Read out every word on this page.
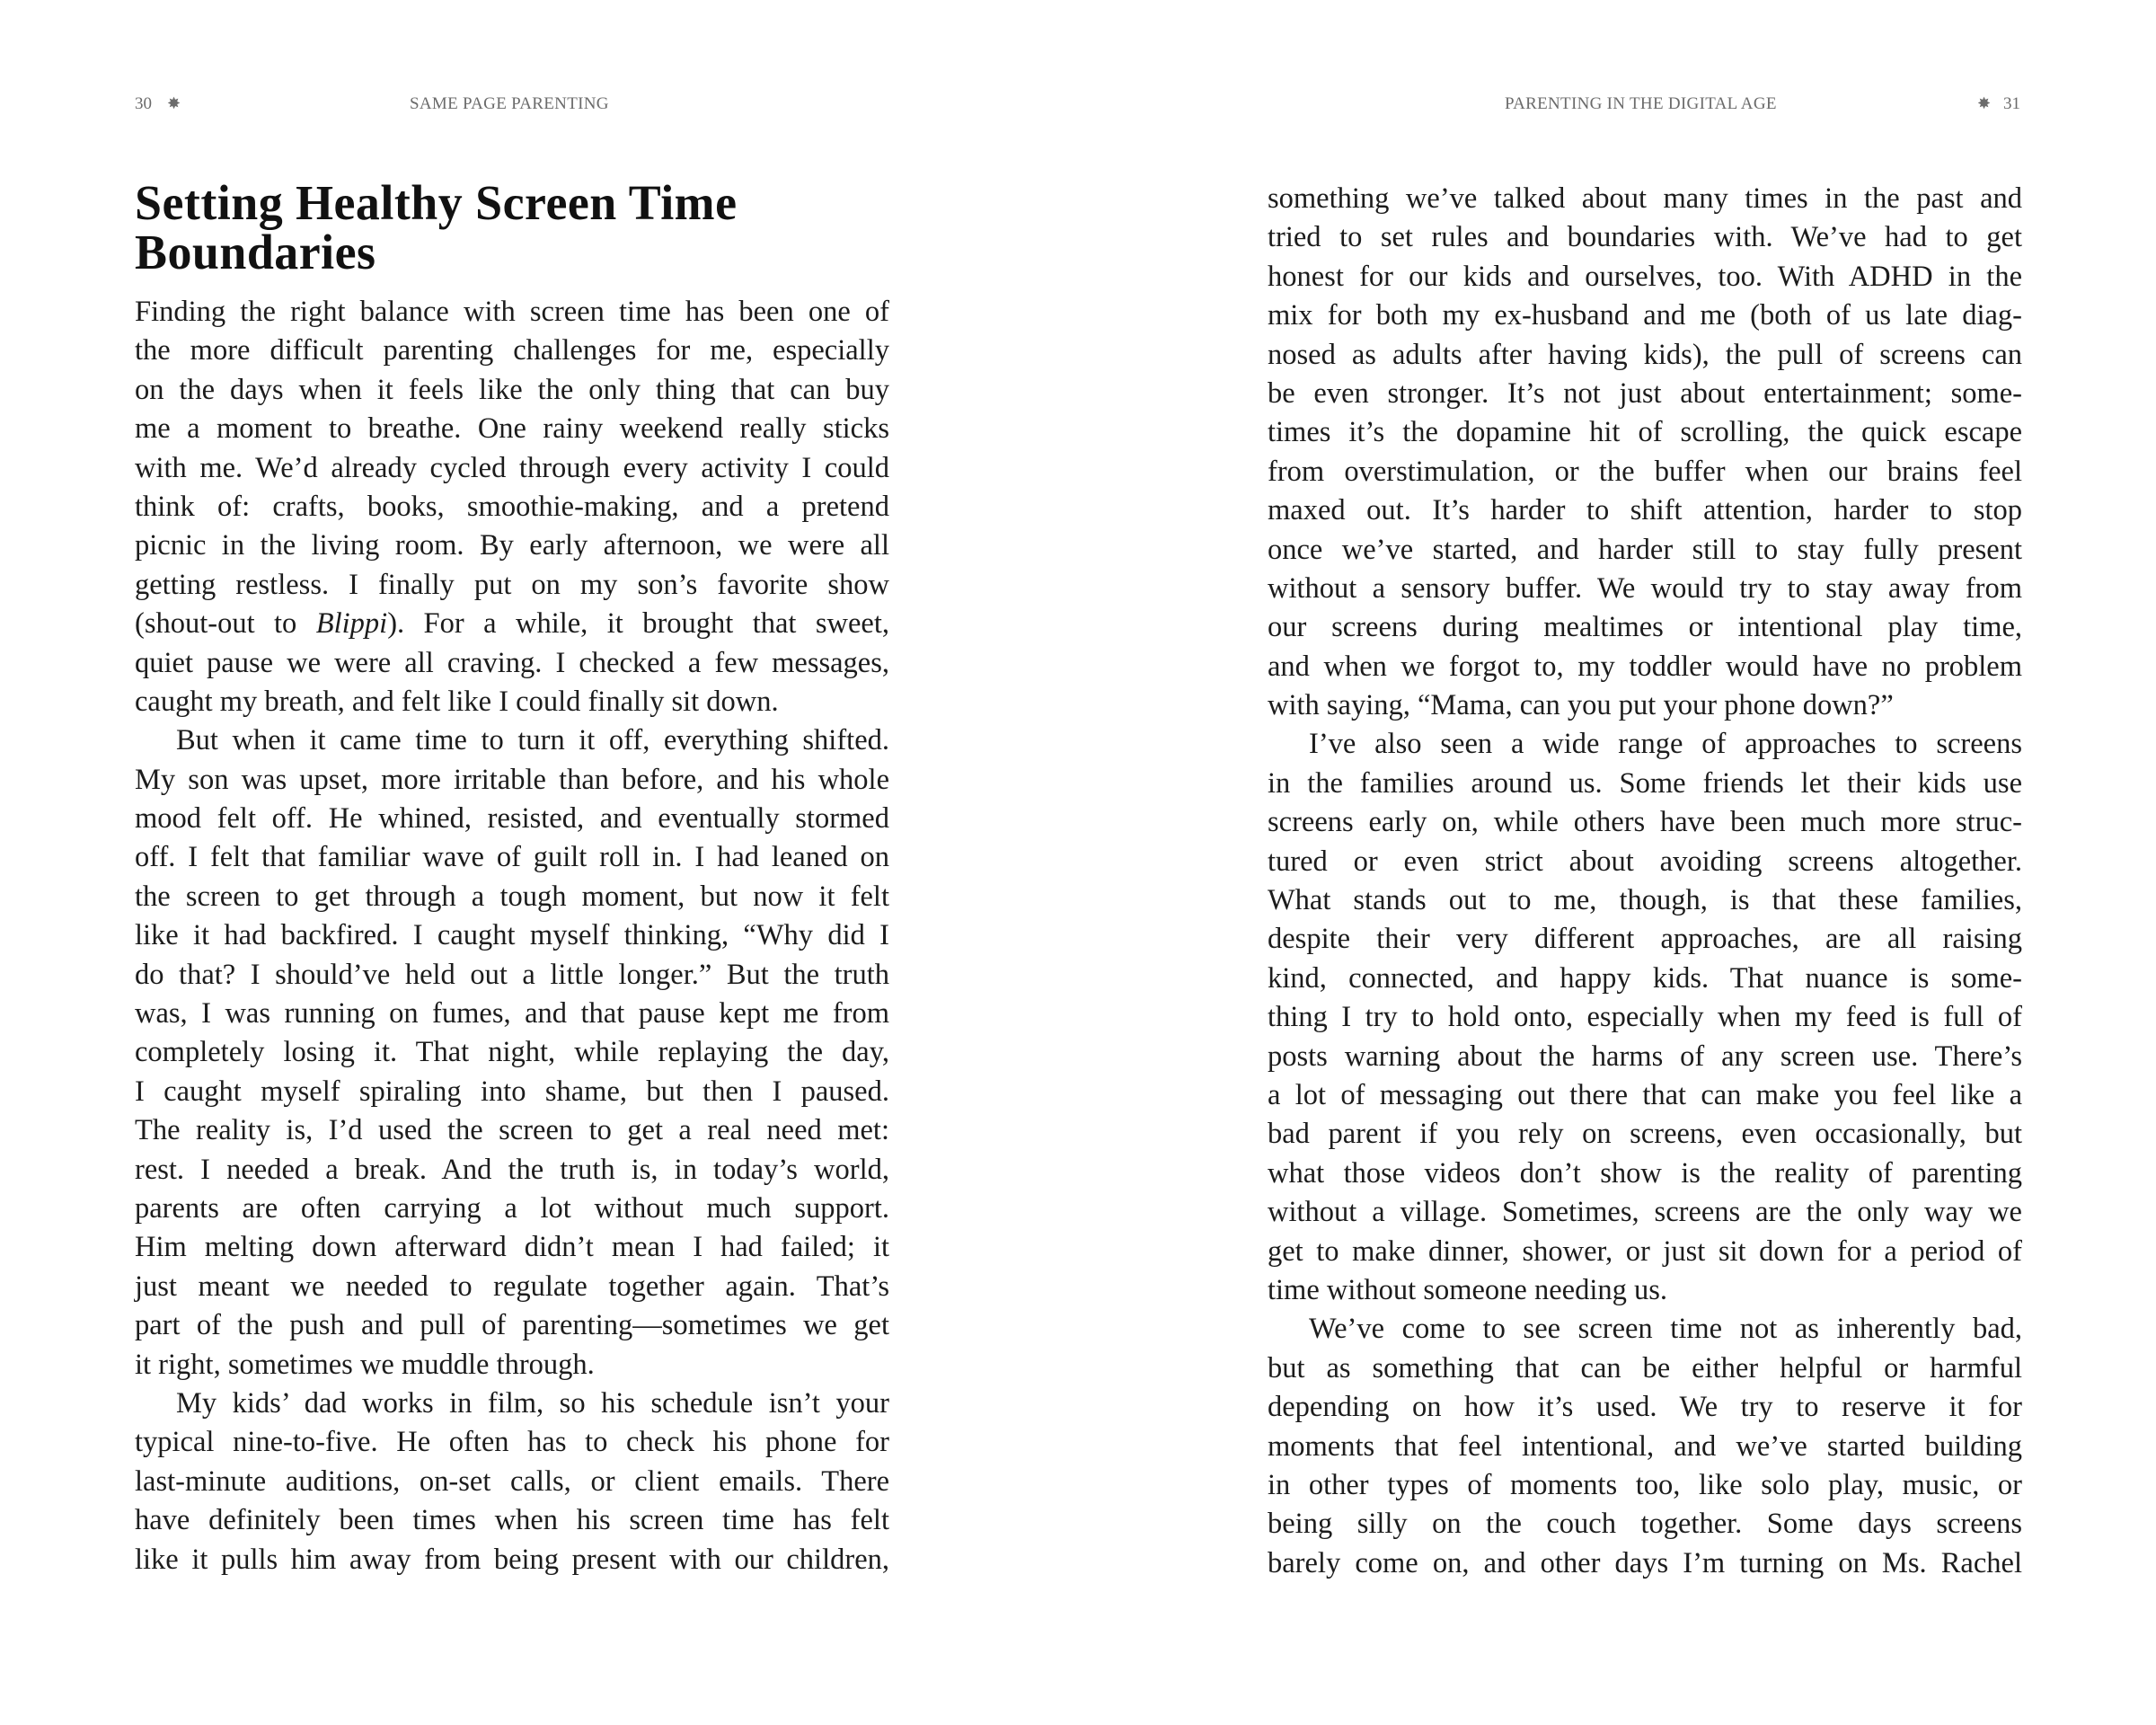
30 ✸	SAME PAGE PARENTING
Setting Healthy Screen Time
Boundaries
Finding the right balance with screen time has been one of
the more difficult parenting challenges for me, especially
on the days when it feels like the only thing that can buy
me a moment to breathe. One rainy weekend really sticks
with me. We’d already cycled through every activity I could
think of: crafts, books, smoothie-making, and a pretend
picnic in the living room. By early afternoon, we were all
getting restless. I finally put on my son’s favorite show
(shout-out to Blippi). For a while, it brought that sweet,
quiet pause we were all craving. I checked a few messages,
caught my breath, and felt like I could finally sit down.
But when it came time to turn it off, everything shifted.
My son was upset, more irritable than before, and his whole
mood felt off. He whined, resisted, and eventually stormed
off. I felt that familiar wave of guilt roll in. I had leaned on
the screen to get through a tough moment, but now it felt
like it had backfired. I caught myself thinking, “Why did I
do that? I should’ve held out a little longer.” But the truth
was, I was running on fumes, and that pause kept me from
completely losing it. That night, while replaying the day,
I caught myself spiraling into shame, but then I paused.
The reality is, I’d used the screen to get a real need met:
rest. I needed a break. And the truth is, in today’s world,
parents are often carrying a lot without much support.
Him melting down afterward didn’t mean I had failed; it
just meant we needed to regulate together again. That’s
part of the push and pull of parenting—sometimes we get
it right, sometimes we muddle through.
My kids’ dad works in film, so his schedule isn’t your
typical nine-to-five. He often has to check his phone for
last-minute auditions, on-set calls, or client emails. There
have definitely been times when his screen time has felt
like it pulls him away from being present with our children,
PARENTING IN THE DIGITAL AGE	✸ 31
something we’ve talked about many times in the past and
tried to set rules and boundaries with. We’ve had to get
honest for our kids and ourselves, too. With ADHD in the
mix for both my ex-husband and me (both of us late diag-
nosed as adults after having kids), the pull of screens can
be even stronger. It’s not just about entertainment; some-
times it’s the dopamine hit of scrolling, the quick escape
from overstimulation, or the buffer when our brains feel
maxed out. It’s harder to shift attention, harder to stop
once we’ve started, and harder still to stay fully present
without a sensory buffer. We would try to stay away from
our screens during mealtimes or intentional play time,
and when we forgot to, my toddler would have no problem
with saying, “Mama, can you put your phone down?”
I’ve also seen a wide range of approaches to screens
in the families around us. Some friends let their kids use
screens early on, while others have been much more struc-
tured or even strict about avoiding screens altogether.
What stands out to me, though, is that these families,
despite their very different approaches, are all raising
kind, connected, and happy kids. That nuance is some-
thing I try to hold onto, especially when my feed is full of
posts warning about the harms of any screen use. There’s
a lot of messaging out there that can make you feel like a
bad parent if you rely on screens, even occasionally, but
what those videos don’t show is the reality of parenting
without a village. Sometimes, screens are the only way we
get to make dinner, shower, or just sit down for a period of
time without someone needing us.
We’ve come to see screen time not as inherently bad,
but as something that can be either helpful or harmful
depending on how it’s used. We try to reserve it for
moments that feel intentional, and we’ve started building
in other types of moments too, like solo play, music, or
being silly on the couch together. Some days screens
barely come on, and other days I’m turning on Ms. Rachel
